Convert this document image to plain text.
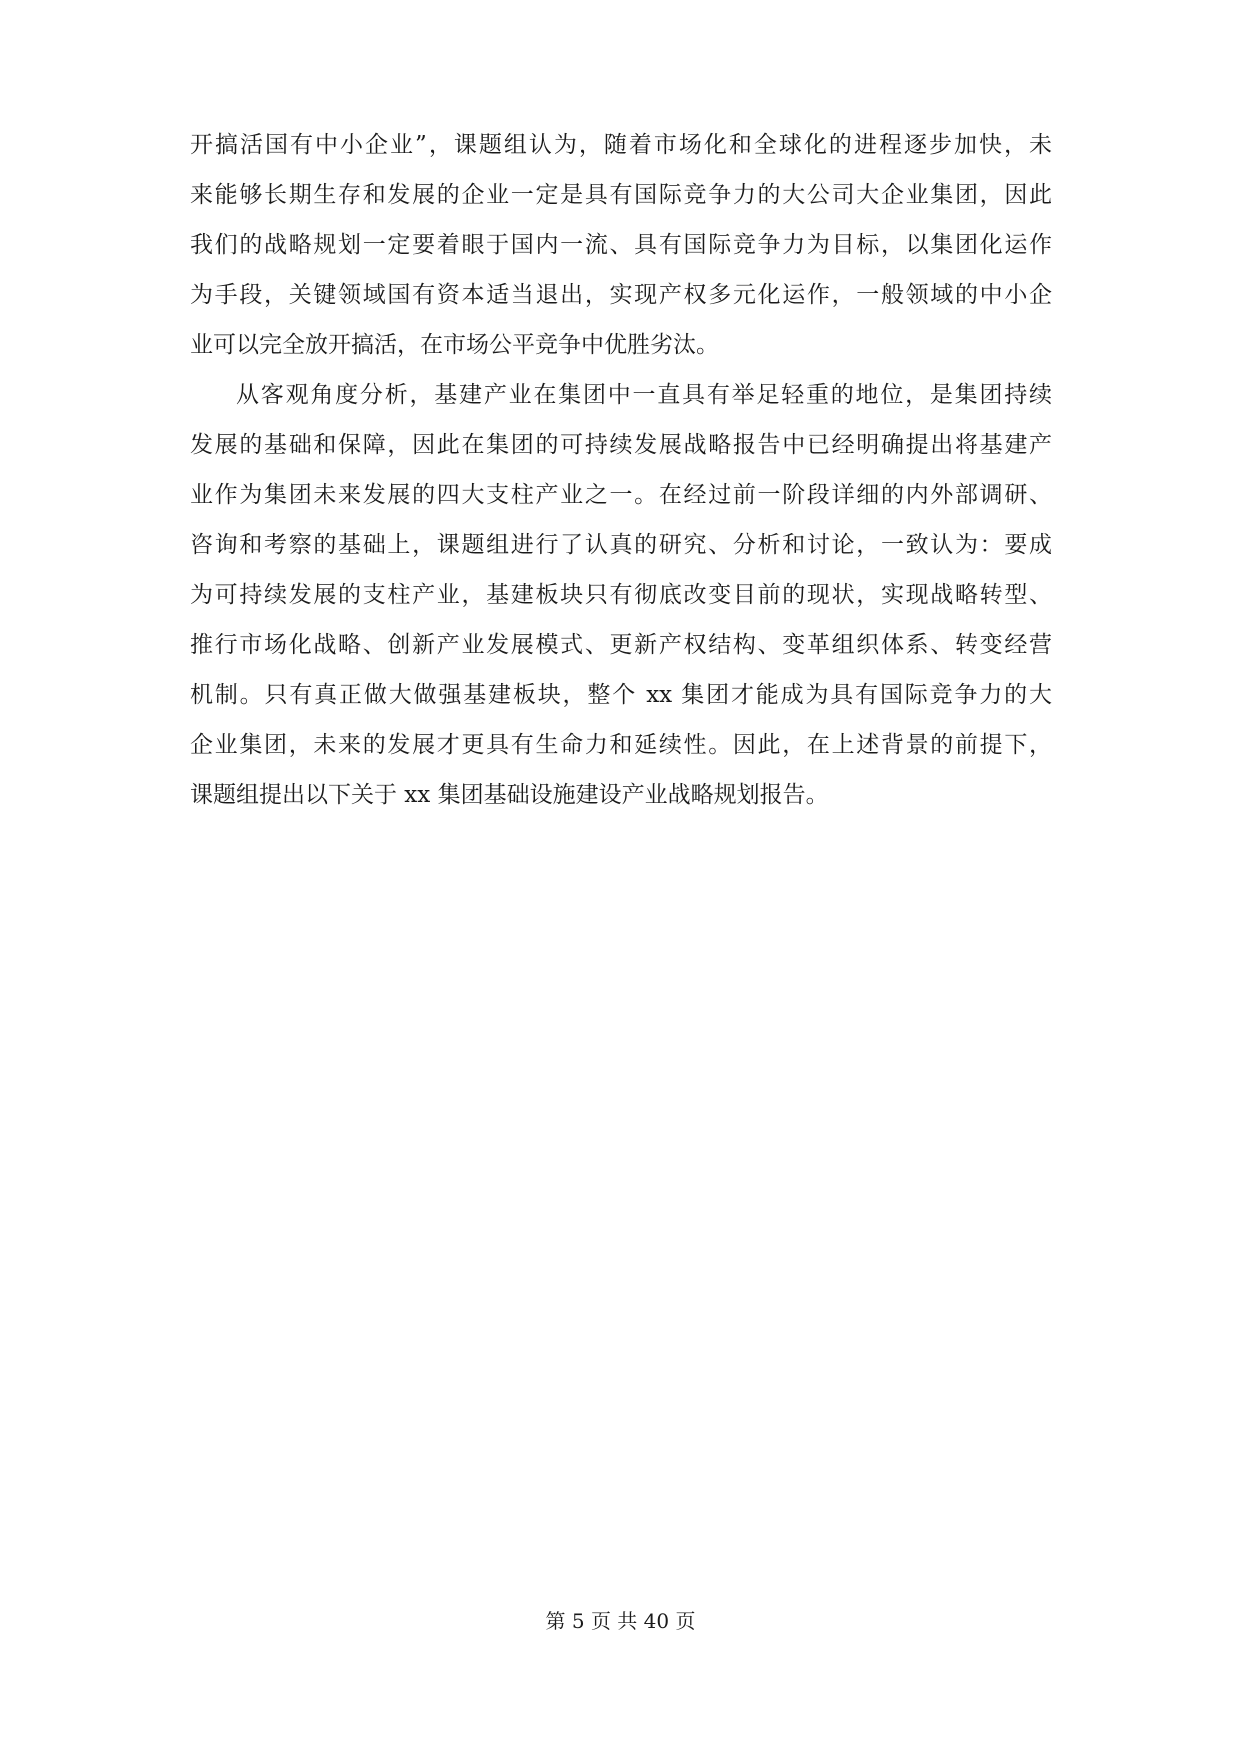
开搞活国有中小企业”，课题组认为，随着市场化和全球化的进程逐步加快，未
来能够长期生存和发展的企业一定是具有国际竞争力的大公司大企业集团，因此
我们的战略规划一定要着眼于国内一流、具有国际竞争力为目标，以集团化运作
为手段，关键领域国有资本适当退出，实现产权多元化运作，一般领域的中小企
业可以完全放开搞活，在市场公平竞争中优胜劣汰。
从客观角度分析，基建产业在集团中一直具有举足轻重的地位，是集团持续
发展的基础和保障，因此在集团的可持续发展战略报告中已经明确提出将基建产
业作为集团未来发展的四大支柱产业之一。在经过前一阶段详细的内外部调研、
咨询和考察的基础上，课题组进行了认真的研究、分析和讨论，一致认为：要成
为可持续发展的支柱产业，基建板块只有彻底改变目前的现状，实现战略转型、
推行市场化战略、创新产业发展模式、更新产权结构、变革组织体系、转变经营
机制。只有真正做大做强基建板块，整个 xx 集团才能成为具有国际竞争力的大
企业集团，未来的发展才更具有生命力和延续性。因此，在上述背景的前提下，
课题组提出以下关于 xx 集团基础设施建设产业战略规划报告。
第 5 页 共 40 页
